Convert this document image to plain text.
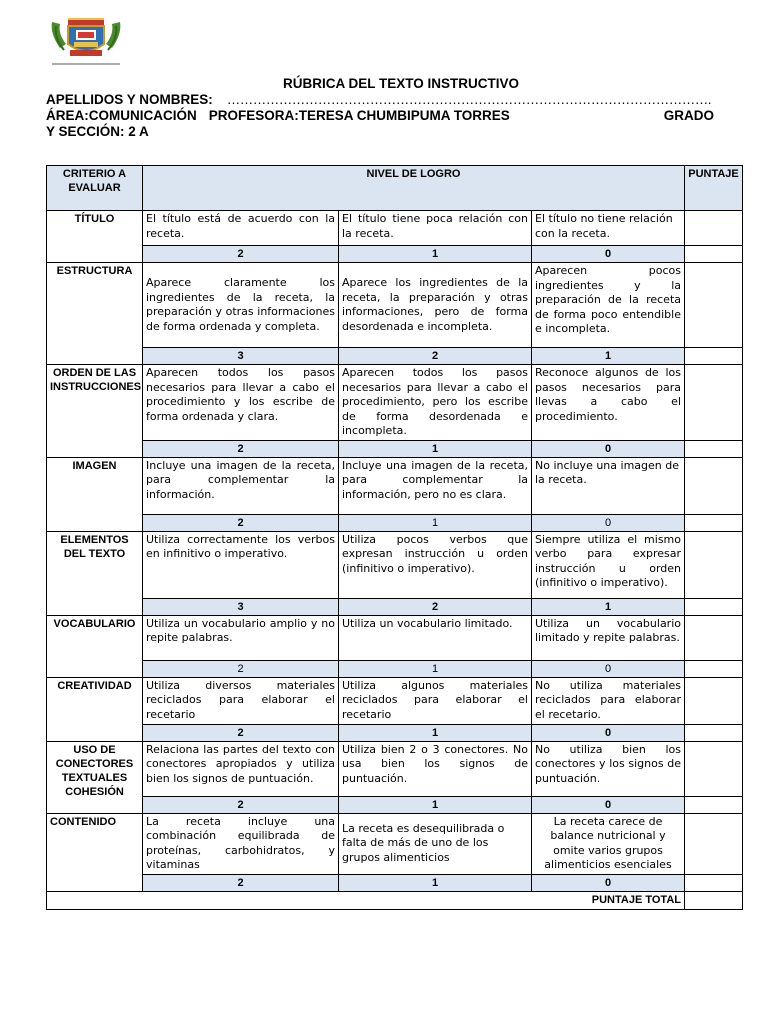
RÚBRICA DEL TEXTO INSTRUCTIVO
APELLIDOS Y NOMBRES: ………………………………………………………………………………………………….
ÁREA:COMUNICACIÓN PROFESORA:TERESA CHUMBIPUMA TORRES	GRADO
Y SECCIÓN: 2 A
CRITERIO A EVALUAR	NIVEL DE LOGRO			PUNTAJE
TÍTULO	El título está de acuerdo con la receta.	El título tiene poca relación con la receta.	El título no tiene relación con la receta.	
	2	1	0	
ESTRUCTURA	Aparece claramente los ingredientes de la receta, la preparación y otras informaciones de forma ordenada y completa.	Aparece los ingredientes de la receta, la preparación y otras informaciones, pero de forma desordenada e incompleta.	Aparecen pocos ingredientes y la preparación de la receta de forma poco entendible e incompleta.	
	3	2	1	
ORDEN DE LAS INSTRUCCIONES	Aparecen todos los pasos necesarios para llevar a cabo el procedimiento y los escribe de forma ordenada y clara.	Aparecen todos los pasos necesarios para llevar a cabo el procedimiento, pero los escribe de forma desordenada e incompleta.	Reconoce algunos de los pasos necesarios para llevas a cabo el procedimiento.	
	2	1	0	
IMAGEN	Incluye una imagen de la receta, para complementar la información.	Incluye una imagen de la receta, para complementar la información, pero no es clara.	No incluye una imagen de la receta.	
	2	1	0	
ELEMENTOS DEL TEXTO	Utiliza correctamente los verbos en infinitivo o imperativo.	Utiliza pocos verbos que expresan instrucción u orden (infinitivo o imperativo).	Siempre utiliza el mismo verbo para expresar instrucción u orden (infinitivo o imperativo).	
	3	2	1	
VOCABULARIO	Utiliza un vocabulario amplio y no repite palabras.	Utiliza un vocabulario limitado.	Utiliza un vocabulario limitado y repite palabras.	
	2	1	0	
CREATIVIDAD	Utiliza diversos materiales reciclados para elaborar el recetario	Utiliza algunos materiales reciclados para elaborar el recetario	No utiliza materiales reciclados para elaborar el recetario.	
	2	1	0	
USO DE CONECTORES TEXTUALES COHESIÓN	Relaciona las partes del texto con conectores apropiados y utiliza bien los signos de puntuación.	Utiliza bien 2 o 3 conectores. No usa bien los signos de puntuación.	No utiliza bien los conectores y los signos de puntuación.	
	2	1	0	
CONTENIDO	La receta incluye una combinación equilibrada de proteínas, carbohidratos, y vitaminas	La receta es desequilibrada o falta de más de uno de los grupos alimenticios	La receta carece de balance nutricional y omite varios grupos alimenticios esenciales	
	2	1	0	
PUNTAJE TOTAL				
